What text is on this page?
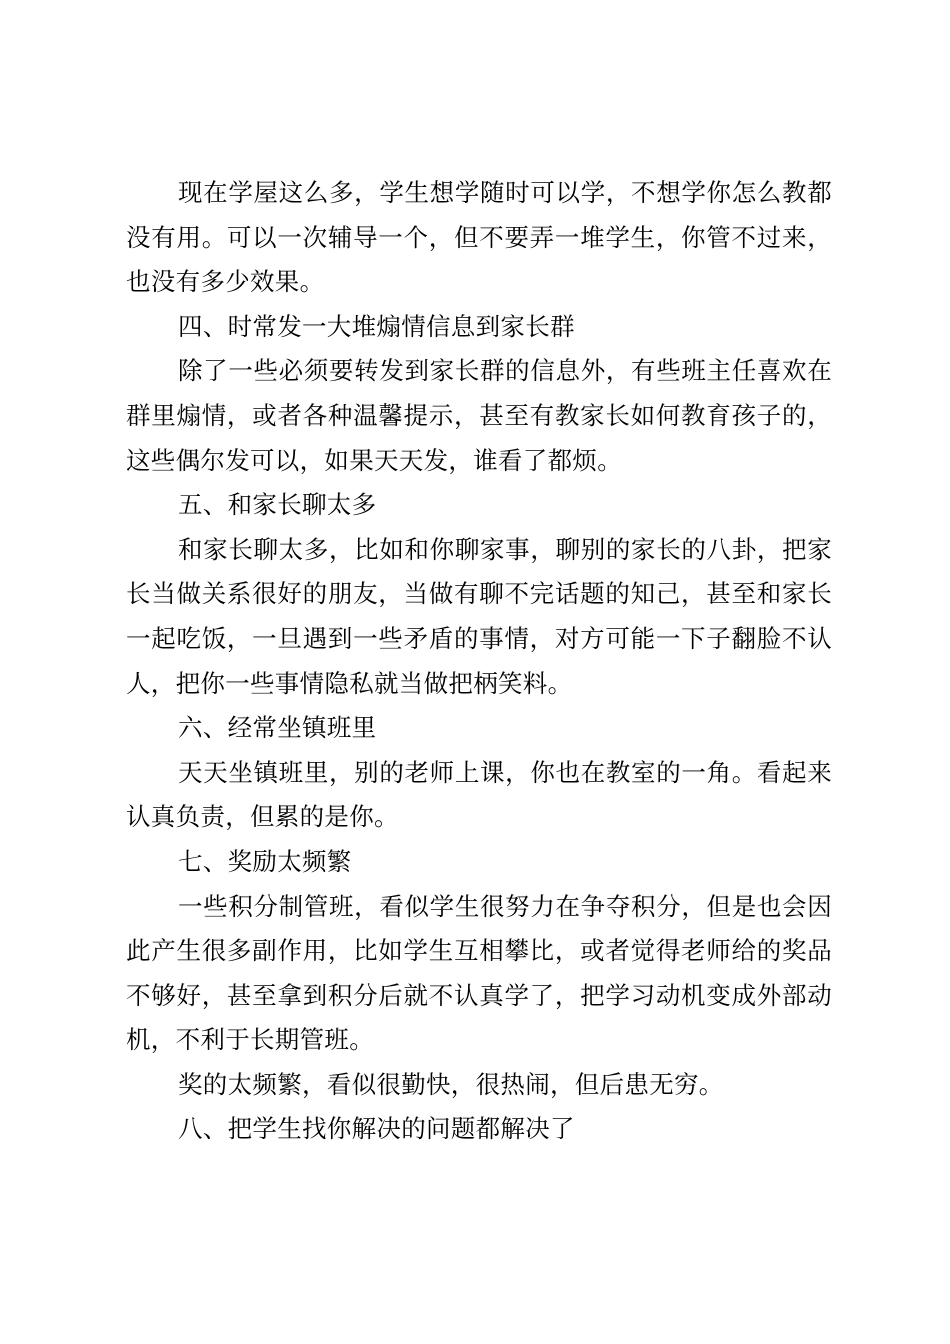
现在学屋这么多，学生想学随时可以学，不想学你怎么教都没有用。可以一次辅导一个，但不要弄一堆学生，你管不过来，也没有多少效果。

四、时常发一大堆煽情信息到家长群

除了一些必须要转发到家长群的信息外，有些班主任喜欢在群里煽情，或者各种温馨提示，甚至有教家长如何教育孩子的，这些偶尔发可以，如果天天发，谁看了都烦。

五、和家长聊太多

和家长聊太多，比如和你聊家事，聊别的家长的八卦，把家长当做关系很好的朋友，当做有聊不完话题的知己，甚至和家长一起吃饭，一旦遇到一些矛盾的事情，对方可能一下子翻脸不认人，把你一些事情隐私就当做把柄笑料。

六、经常坐镇班里

天天坐镇班里，别的老师上课，你也在教室的一角。看起来认真负责，但累的是你。

七、奖励太频繁

一些积分制管班，看似学生很努力在争夺积分，但是也会因此产生很多副作用，比如学生互相攀比，或者觉得老师给的奖品不够好，甚至拿到积分后就不认真学了，把学习动机变成外部动机，不利于长期管班。

奖的太频繁，看似很勤快，很热闹，但后患无穷。

八、把学生找你解决的问题都解决了
